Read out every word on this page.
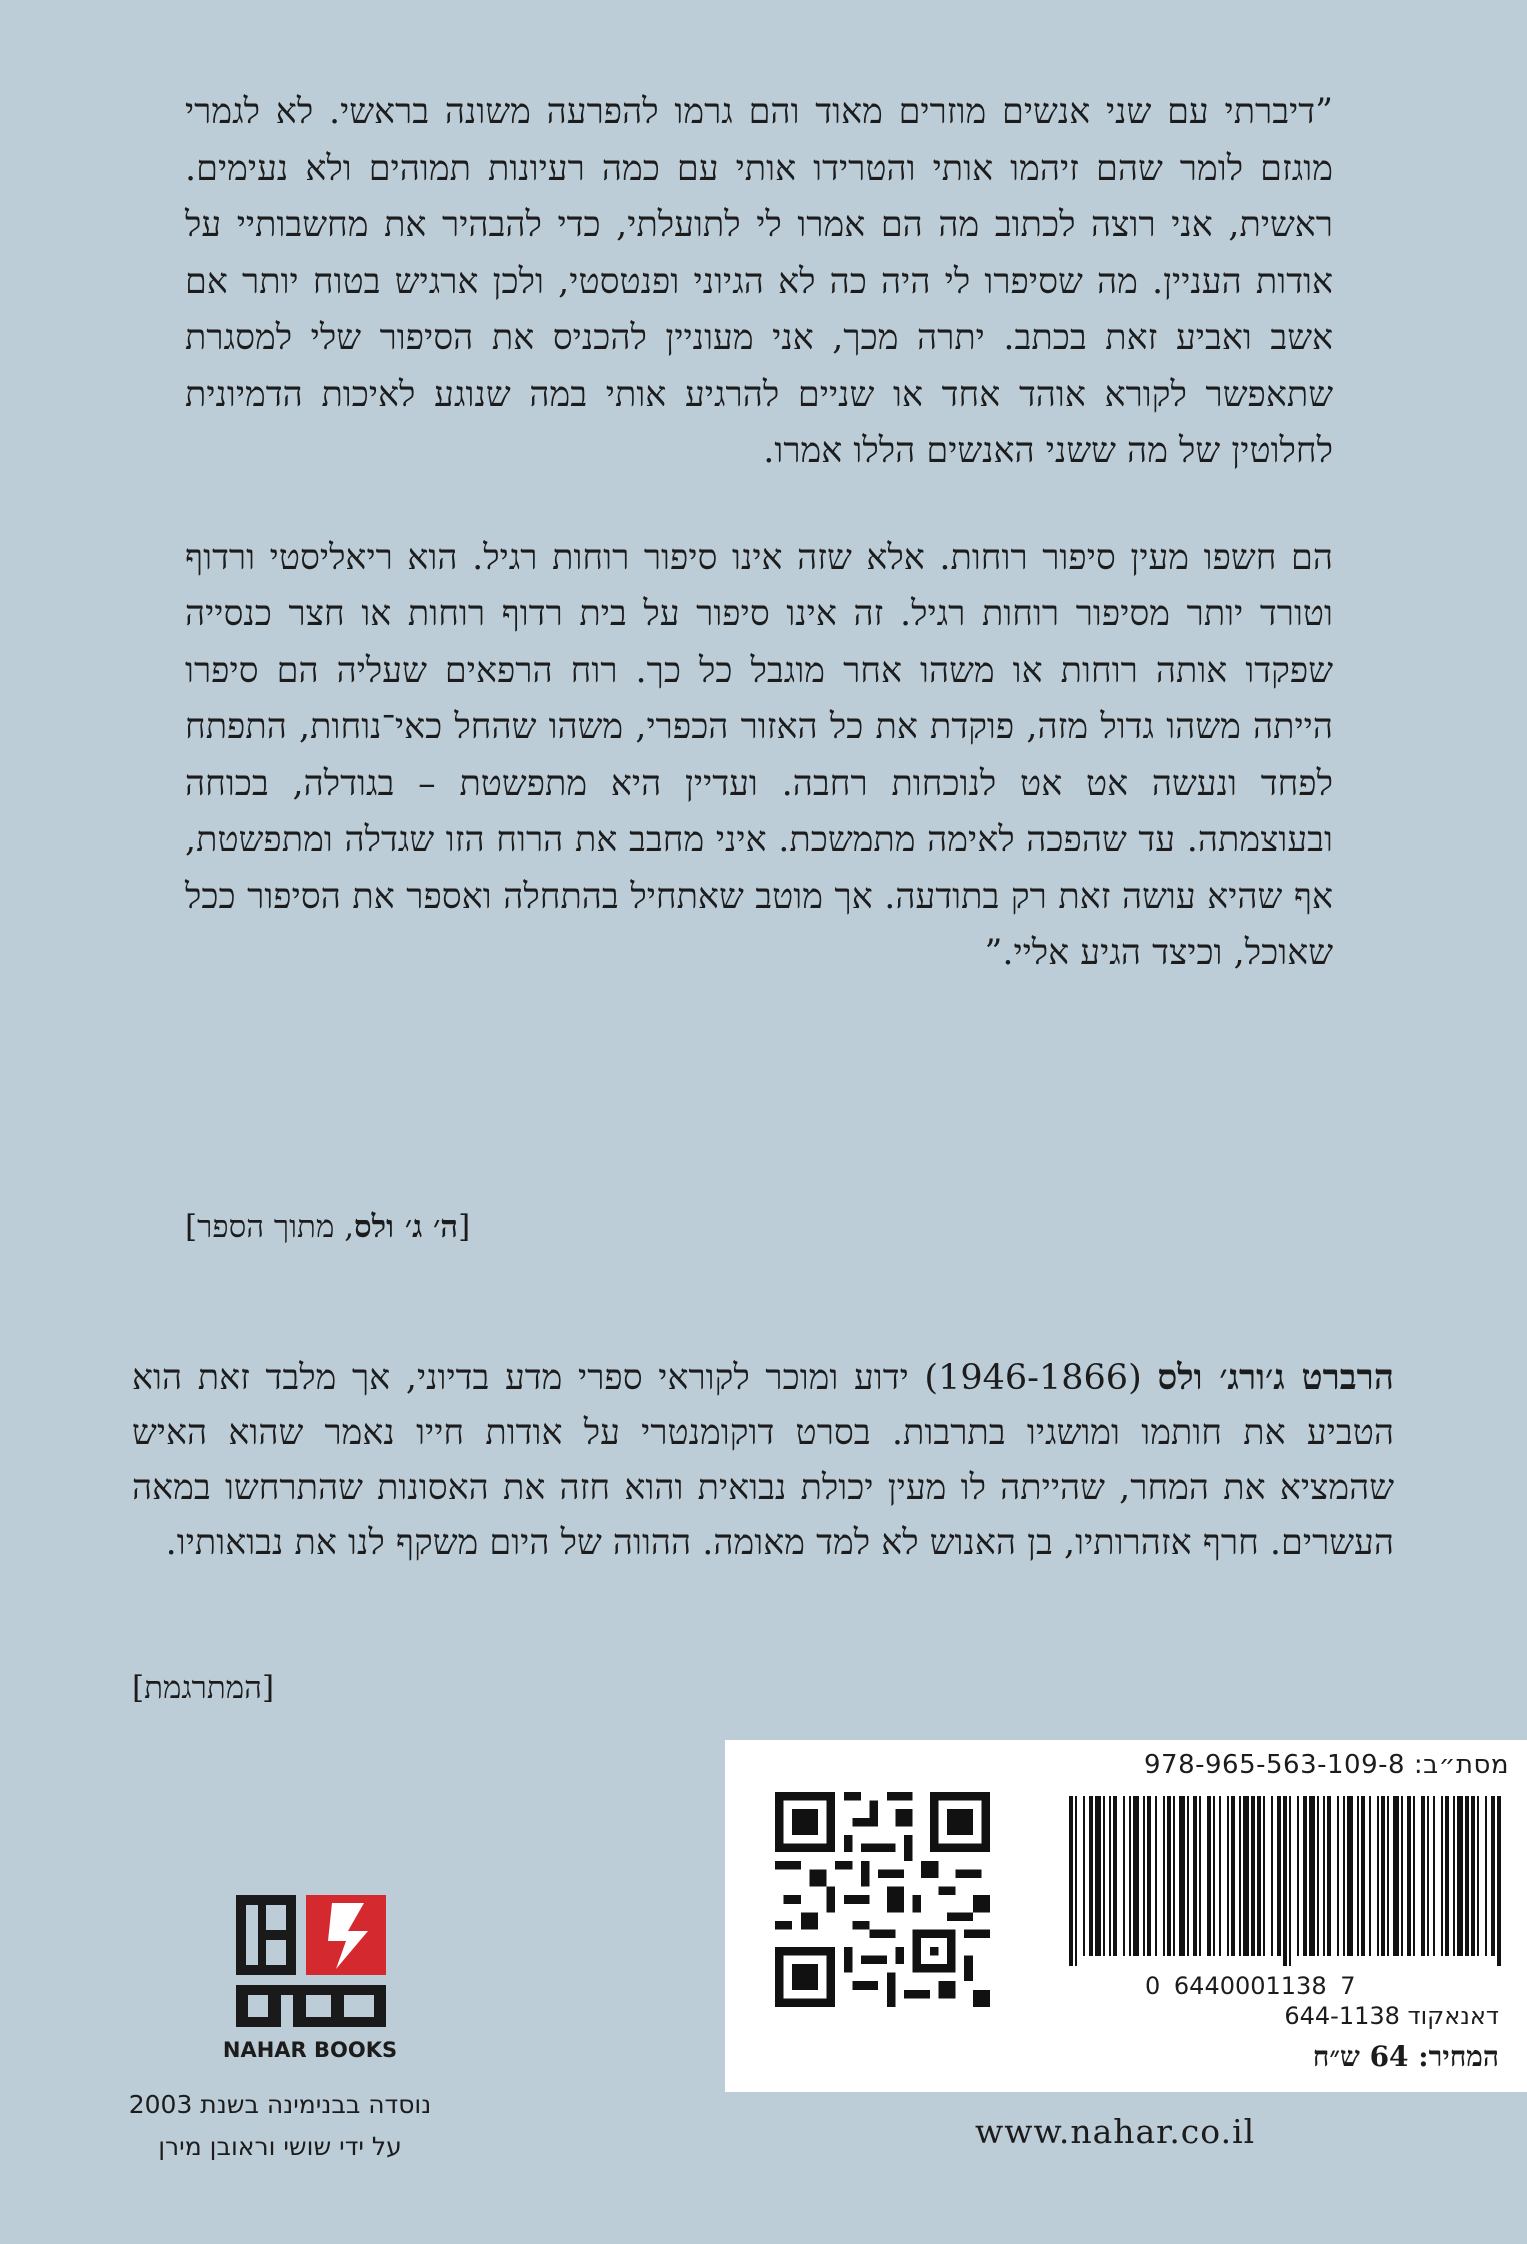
”דיברתי עם שני אנשים מוזרים מאוד והם גרמו להפרעה משונה בראשי. לא לגמרי מוגזם לומר שהם זיהמו אותי והטרידו אותי עם כמה רעיונות תמוהים ולא נעימים. ראשית, אני רוצה לכתוב מה הם אמרו לי לתועלתי, כדי להבהיר את מחשבותיי על אודות העניין. מה שסיפרו לי היה כה לא הגיוני ופנטסטי, ולכן ארגיש בטוח יותר אם אשב ואביע זאת בכתב. יתרה מכך, אני מעוניין להכניס את הסיפור שלי למסגרת שתאפשר לקורא אוהד אחד או שניים להרגיע אותי במה שנוגע לאיכות הדמיונית לחלוטין של מה ששני האנשים הללו אמרו.

הם חשפו מעין סיפור רוחות. אלא שזה אינו סיפור רוחות רגיל. הוא ריאליסטי ורדוף וטורד יותר מסיפור רוחות רגיל. זה אינו סיפור על בית רדוף רוחות או חצר כנסייה שפקדו אותה רוחות או משהו אחר מוגבל כל כך. רוח הרפאים שעליה הם סיפרו הייתה משהו גדול מזה, פוקדת את כל האזור הכפרי, משהו שהחל כאי־נוחות, התפתח לפחד ונעשה אט אט לנוכחות רחבה. ועדיין היא מתפשטת – בגודלה, בכוחה ובעוצמתה. עד שהפכה לאימה מתמשכת. איני מחבב את הרוח הזו שגדלה ומתפשטת, אף שהיא עושה זאת רק בתודעה. אך מוטב שאתחיל בהתחלה ואספר את הסיפור ככל שאוכל, וכיצד הגיע אליי.”

[ה׳ ג׳ ולס, מתוך הספר]

הרברט ג׳ורג׳ ולס (1946-1866) ידוע ומוכר לקוראי ספרי מדע בדיוני, אך מלבד זאת הוא הטביע את חותמו ומושגיו בתרבות. בסרט דוקומנטרי על אודות חייו נאמר שהוא האיש שהמציא את המחר, שהייתה לו מעין יכולת נבואית והוא חזה את האסונות שהתרחשו במאה העשרים. חרף אזהרותיו, בן האנוש לא למד מאומה. ההווה של היום משקף לנו את נבואותיו.

[המתרגמת]
מסת״ב: 978-965-563-109-8
0 6440001138 7
דאנאקוד 644-1138
המחיר: 64 ש״ח
NAHAR BOOKS
נוסדה בבנימינה בשנת 2003
על ידי שושי וראובן מירן	www.nahar.co.il
